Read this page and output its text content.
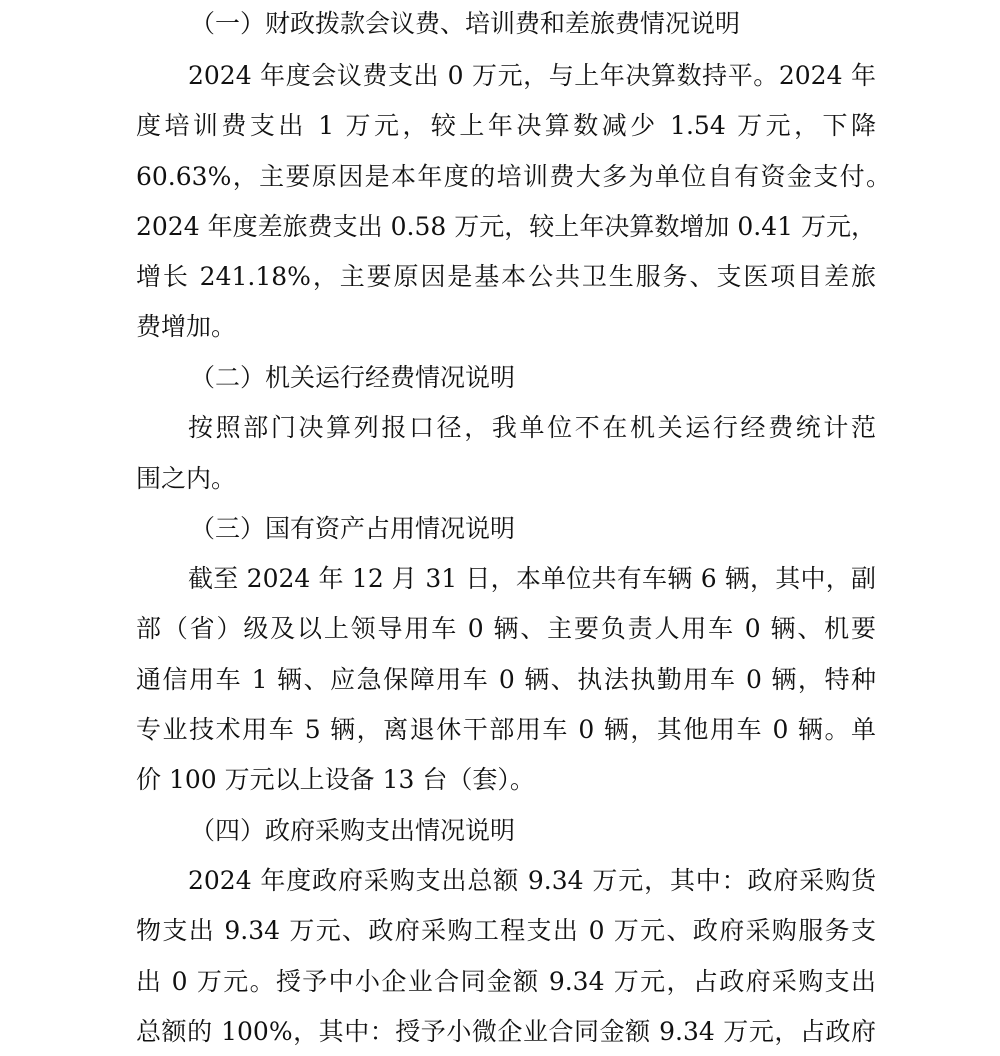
（一）财政拨款会议费、培训费和差旅费情况说明
2024 年度会议费支出 0 万元，与上年决算数持平。2024 年
度培训费支出 1 万元，较上年决算数减少 1.54 万元，下降
60.63%，主要原因是本年度的培训费大多为单位自有资金支付。
2024 年度差旅费支出 0.58 万元，较上年决算数增加 0.41 万元，
增长 241.18%，主要原因是基本公共卫生服务、支医项目差旅
费增加。
（二）机关运行经费情况说明
按照部门决算列报口径，我单位不在机关运行经费统计范
围之内。
（三）国有资产占用情况说明
截至 2024 年 12 月 31 日，本单位共有车辆 6 辆，其中，副
部（省）级及以上领导用车 0 辆、主要负责人用车 0 辆、机要
通信用车 1 辆、应急保障用车 0 辆、执法执勤用车 0 辆，特种
专业技术用车 5 辆，离退休干部用车 0 辆，其他用车 0 辆。单
价 100 万元以上设备 13 台（套）。
（四）政府采购支出情况说明
2024 年度政府采购支出总额 9.34 万元，其中：政府采购货
物支出 9.34 万元、政府采购工程支出 0 万元、政府采购服务支
出 0 万元。授予中小企业合同金额 9.34 万元，占政府采购支出
总额的 100%，其中：授予小微企业合同金额 9.34 万元，占政府
